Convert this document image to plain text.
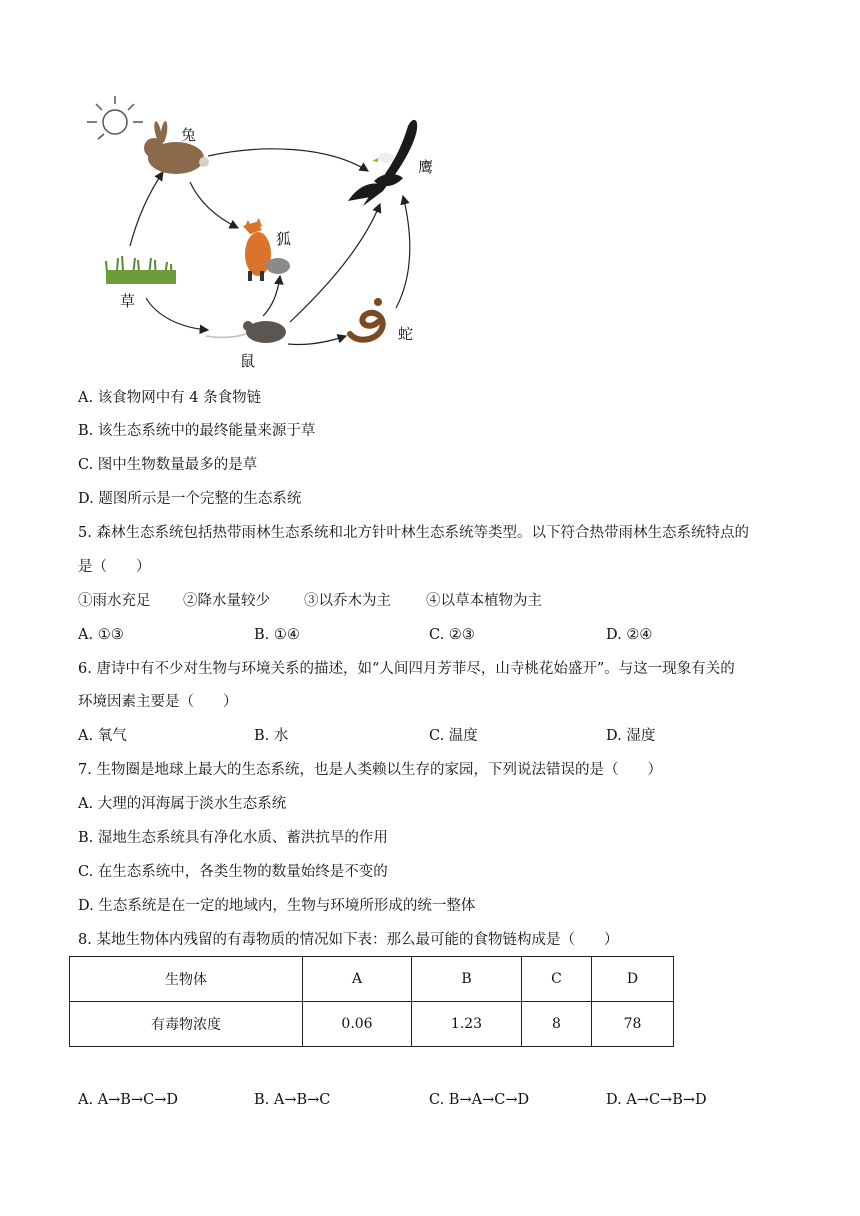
兔
鹰
狐
草
鼠
蛇
A. 该食物网中有 4 条食物链
B. 该生态系统中的最终能量来源于草
C. 图中生物数量最多的是草
D. 题图所示是一个完整的生态系统
5. 森林生态系统包括热带雨林生态系统和北方针叶林生态系统等类型。以下符合热带雨林生态系统特点的
是（　　）
①雨水充足 ②降水量较少 ③以乔木为主 ④以草本植物为主
A. ①③	B. ①④	C. ②③	D. ②④
6. 唐诗中有不少对生物与环境关系的描述，如“人间四月芳菲尽，山寺桃花始盛开”。与这一现象有关的
环境因素主要是（　　）
A. 氧气	B. 水	C. 温度	D. 湿度
7. 生物圈是地球上最大的生态系统，也是人类赖以生存的家园，下列说法错误的是（　　）
A. 大理的洱海属于淡水生态系统
B. 湿地生态系统具有净化水质、蓄洪抗旱的作用
C. 在生态系统中，各类生物的数量始终是不变的
D. 生态系统是在一定的地域内，生物与环境所形成的统一整体
8. 某地生物体内残留的有毒物质的情况如下表：那么最可能的食物链构成是（　　）
生物体	A	B	C	D
有毒物浓度	0.06	1.23	8	78
A. A→B→C→D	B. A→B→C	C. B→A→C→D	D. A→C→B→D
